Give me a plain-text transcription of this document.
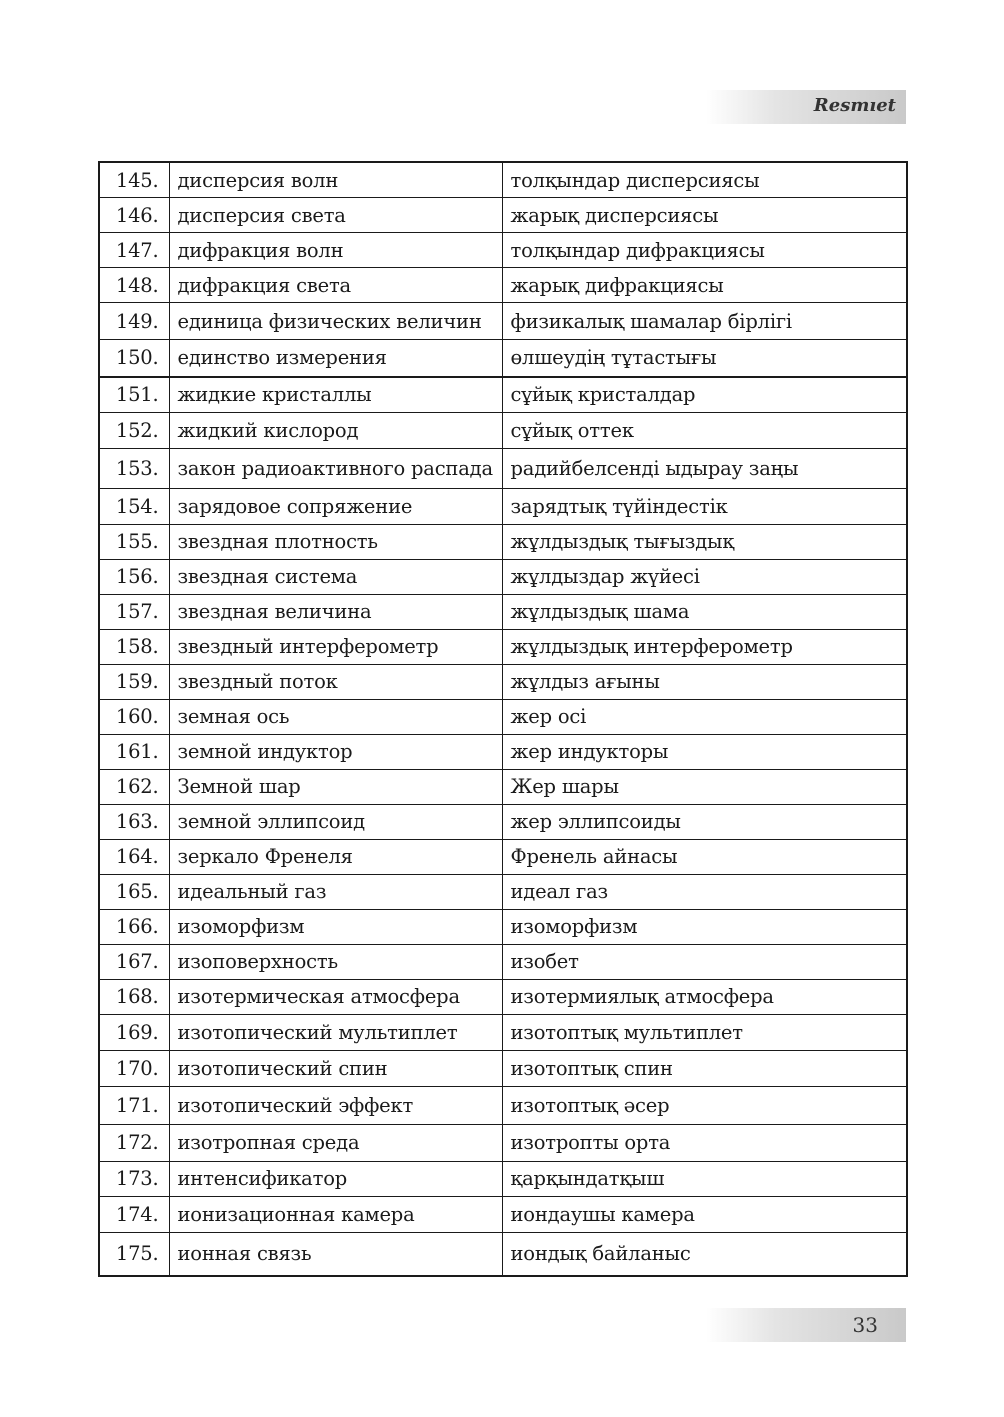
Resmıet
145.	дисперсия волн	толқындар дисперсиясы
146.	дисперсия света	жарық дисперсиясы
147.	дифракция волн	толқындар дифракциясы
148.	дифракция света	жарық дифракциясы
149.	единица физических величин	физикалық шамалар бірлігі
150.	единство измерения	өлшеудің тұтастығы
151.	жидкие кристаллы	сұйық кристалдар
152.	жидкий кислород	сұйық оттек
153.	закон радиоактивного распада	радийбелсенді ыдырау заңы
154.	зарядовое сопряжение	зарядтық түйіндестік
155.	звездная плотность	жұлдыздық тығыздық
156.	звездная система	жұлдыздар жүйесі
157.	звездная величина	жұлдыздық шама
158.	звездный интерферометр	жұлдыздық интерферометр
159.	звездный поток	жұлдыз ағыны
160.	земная ось	жер осі
161.	земной индуктор	жер индукторы
162.	Земной шар	Жер шары
163.	земной эллипсоид	жер эллипсоиды
164.	зеркало Френеля	Френель айнасы
165.	идеальный газ	идеал газ
166.	изоморфизм	изоморфизм
167.	изоповерхность	изобет
168.	изотермическая атмосфера	изотермиялық атмосфера
169.	изотопический мультиплет	изотоптық мультиплет
170.	изотопический спин	изотоптық спин
171.	изотопический эффект	изотоптық әсер
172.	изотропная среда	изотропты орта
173.	интенсификатор	қарқындатқыш
174.	ионизационная камера	иондаушы камера
175.	ионная связь	иондық байланыс
33
